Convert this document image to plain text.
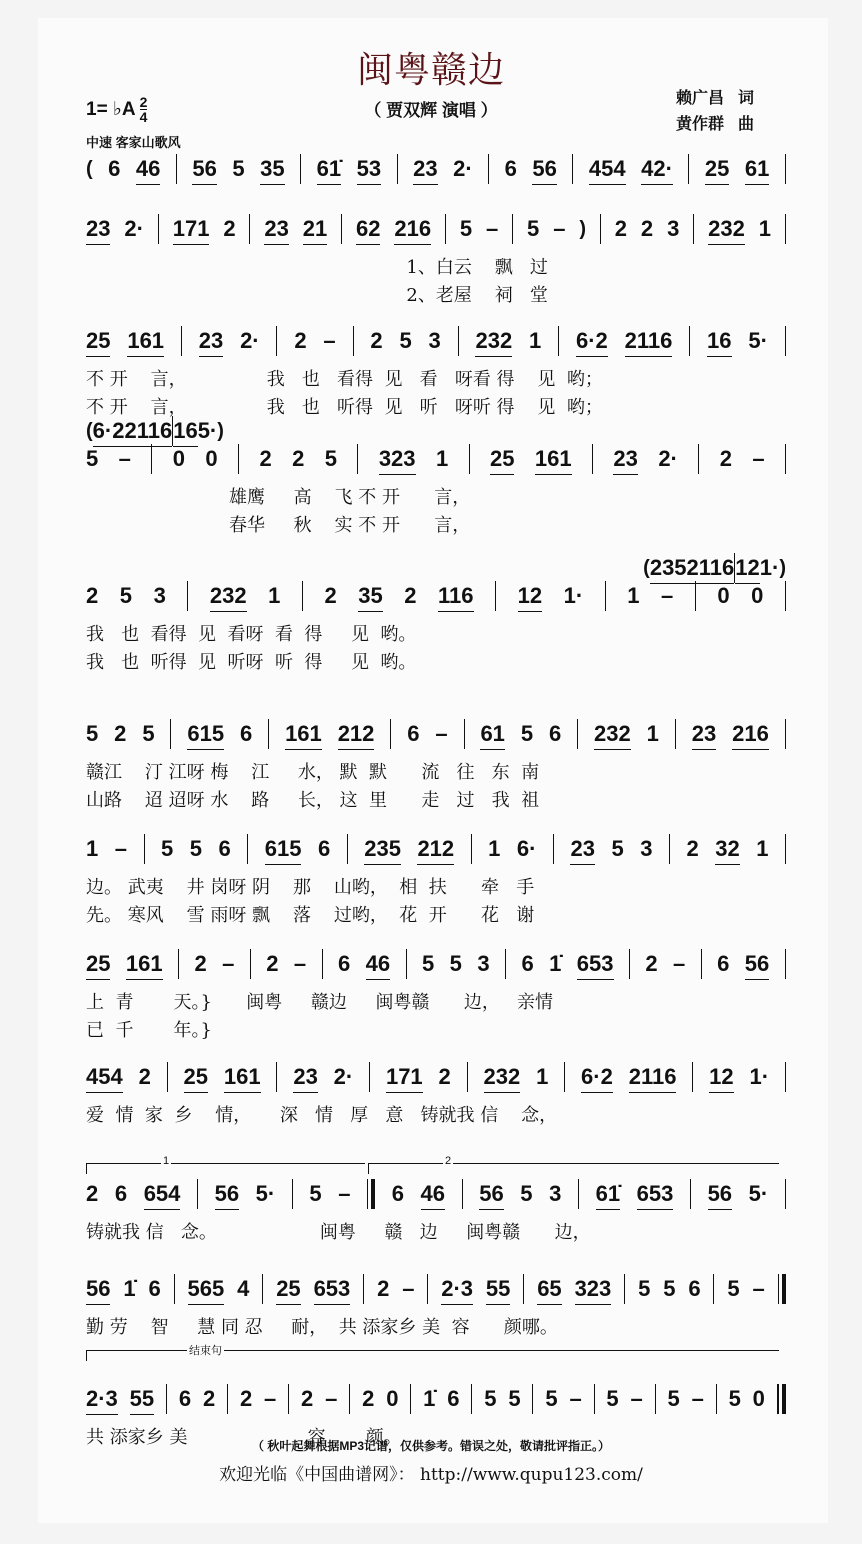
闽粤赣边
（ 贾双辉 演唱 ）
1= ♭A $\frac{2}{4}$
中速 客家山歌风
赖广昌 词
黄作群 曲
( 6 46 56 5 35 61̇ 53 23 2· 6 56 454 42· 25 61
23 2· 171 2 23 21 62 216 5 – 5 – ) 2 2 3 232 1
1、白云    飘   过
2、老屋    祠   堂
25 161 23 2· 2 – 2 5 3 232 1 6·2 2116 16 5·
不 开    言，              我   也   看得  见   看   呀看 得    见  哟；
不 开    言，              我   也   听得  见   听   呀听 得    见  哟；
( 6·2 2116 16 5· )
5 – 0 0 2 2 5 323 1 25 161 23 2· 2 –
雄鹰     高    飞 不 开      言，
春华     秋    实 不 开      言，
( 235 2116 12 1· )
2 5 3 232 1 2 35 2 116 12 1· 1 – 0 0
我   也  看得  见  看呀  看  得     见  哟。
我   也  听得  见  听呀  听  得     见  哟。
5 2 5 615 6 161 212 6 – 61 5 6 232 1 23 216
赣江    汀 江呀 梅    江     水， 默  默      流   往   东  南
山路    迢 迢呀 水    路     长， 这  里      走   过   我  祖
1 – 5 5 6 615 6 235 212 1 6· 23 5 3 2 32 1
边。 武夷    井 岗呀 阴    那    山哟，  相  扶      牵   手
先。 寒风    雪 雨呀 飘    落    过哟，  花  开      花   谢
25 161 2 – 2 – 6 46 5 5 3 6 1̇ 653 2 – 6 56
上  青       天。}      闽粤     赣边     闽粤赣      边，   亲情
已  千       年。}
454 2 25 161 23 2· 171 2 232 1 6·2 2116 12 1·
爱  情  家  乡    情，     深   情   厚   意   铸就我 信    念，
2 6 654 56 5· 5 – 6 46 56 5 3 61̇ 653 56 5·
铸就我 信   念。                  闽粤     赣   边     闽粤赣      边，
56 1̇ 6 565 4 25 653 2 – 2·3 55 65 323 5 5 6 5 –
勤 劳    智     慧 同 忍     耐，  共 添家乡 美  容      颜哪。
2·3 55 6 2 2 – 2 – 2 0 1̇ 6 5 5 5 – 5 – 5 – 5 0
共 添家乡 美                     容       颜。
（ 秋叶起舞根据MP3记谱，仅供参考。错误之处，敬请批评指正。）
欢迎光临《中国曲谱网》： http://www.qupu123.com/
1	2
结束句
